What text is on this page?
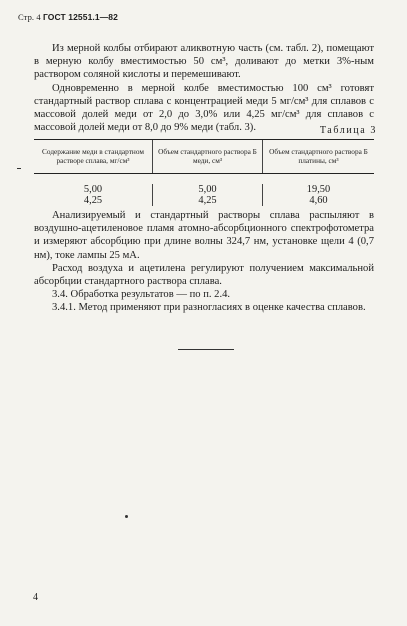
Стр. 4 ГОСТ 12551.1—82

Из мерной колбы отбирают аликвотную часть (см. табл. 2), помещают в мерную колбу вместимостью 50 см³, доливают до метки 3%-ным раствором соляной кислоты и перемешивают.

Одновременно в мерной колбе вместимостью 100 см³ готовят стандартный раствор сплава с концентрацией меди 5 мг/см³ для сплавов с массовой долей меди от 2,0 до 3,0% или 4,25 мг/см³ для сплавов с массовой долей меди от 8,0 до 9% меди (табл. 3).	Таблица 3
Содержание меди в стандартном растворе сплава, мг/см³
Объем стандартного раствора Б меди, см³
Объем стандартного раствора Б платины, см³
5,00
4,25
5,00
4,25
19,50
4,60

Анализируемый и стандартный растворы сплава распыляют в воздушно-ацетиленовое пламя атомно-абсорбционного спектрофотометра и измеряют абсорбцию при длине волны 324,7 нм, установке щели 4 (0,7 нм), токе лампы 25 мА.

Расход воздуха и ацетилена регулируют получением максимальной абсорбции стандартного раствора сплава.

3.4. Обработка результатов — по п. 2.4.

3.4.1. Метод применяют при разногласиях в оценке качества сплавов.

4
